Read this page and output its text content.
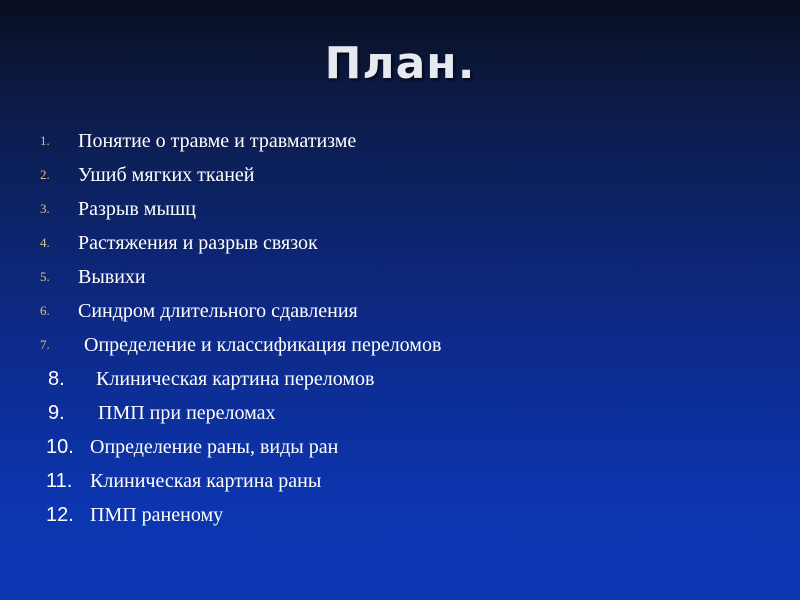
План.
1.	Понятие о травме и травматизме
2.	Ушиб мягких тканей
3.	Разрыв мышц
4.	Растяжения и разрыв связок
5.	Вывихи
6.	Синдром длительного сдавления
7.	Определение и классификация переломов
8.	Клиническая картина переломов
9.	ПМП при переломах
10. Определение раны, виды ран
11. Клиническая картина раны
12. ПМП раненому
